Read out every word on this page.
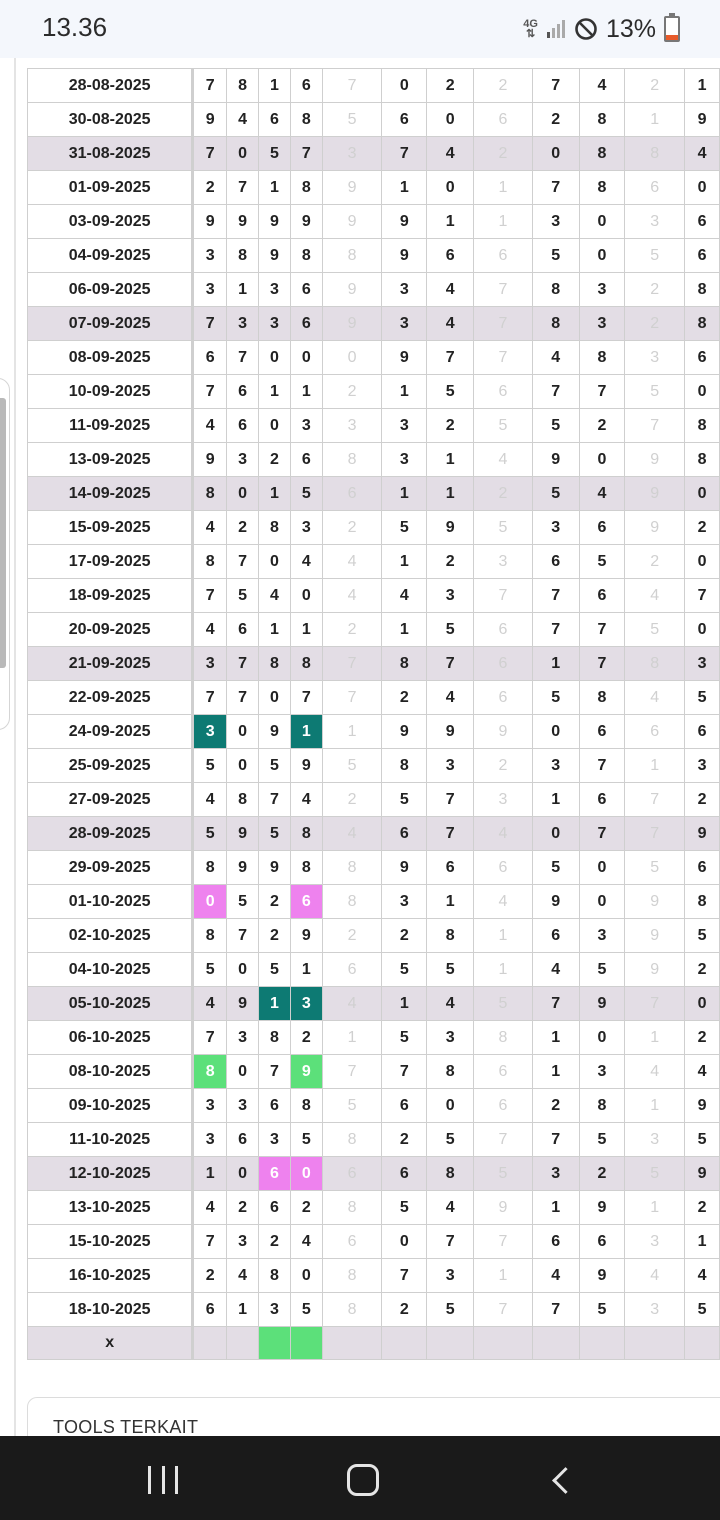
13.36	4G
⇅	13%
28-08-2025	7	8	1	6	7	0	2	2	7	4	2	1
30-08-2025	9	4	6	8	5	6	0	6	2	8	1	9
31-08-2025	7	0	5	7	3	7	4	2	0	8	8	4
01-09-2025	2	7	1	8	9	1	0	1	7	8	6	0
03-09-2025	9	9	9	9	9	9	1	1	3	0	3	6
04-09-2025	3	8	9	8	8	9	6	6	5	0	5	6
06-09-2025	3	1	3	6	9	3	4	7	8	3	2	8
07-09-2025	7	3	3	6	9	3	4	7	8	3	2	8
08-09-2025	6	7	0	0	0	9	7	7	4	8	3	6
10-09-2025	7	6	1	1	2	1	5	6	7	7	5	0
11-09-2025	4	6	0	3	3	3	2	5	5	2	7	8
13-09-2025	9	3	2	6	8	3	1	4	9	0	9	8
14-09-2025	8	0	1	5	6	1	1	2	5	4	9	0
15-09-2025	4	2	8	3	2	5	9	5	3	6	9	2
17-09-2025	8	7	0	4	4	1	2	3	6	5	2	0
18-09-2025	7	5	4	0	4	4	3	7	7	6	4	7
20-09-2025	4	6	1	1	2	1	5	6	7	7	5	0
21-09-2025	3	7	8	8	7	8	7	6	1	7	8	3
22-09-2025	7	7	0	7	7	2	4	6	5	8	4	5
24-09-2025	3	0	9	1	1	9	9	9	0	6	6	6
25-09-2025	5	0	5	9	5	8	3	2	3	7	1	3
27-09-2025	4	8	7	4	2	5	7	3	1	6	7	2
28-09-2025	5	9	5	8	4	6	7	4	0	7	7	9
29-09-2025	8	9	9	8	8	9	6	6	5	0	5	6
01-10-2025	0	5	2	6	8	3	1	4	9	0	9	8
02-10-2025	8	7	2	9	2	2	8	1	6	3	9	5
04-10-2025	5	0	5	1	6	5	5	1	4	5	9	2
05-10-2025	4	9	1	3	4	1	4	5	7	9	7	0
06-10-2025	7	3	8	2	1	5	3	8	1	0	1	2
08-10-2025	8	0	7	9	7	7	8	6	1	3	4	4
09-10-2025	3	3	6	8	5	6	0	6	2	8	1	9
11-10-2025	3	6	3	5	8	2	5	7	7	5	3	5
12-10-2025	1	0	6	0	6	6	8	5	3	2	5	9
13-10-2025	4	2	6	2	8	5	4	9	1	9	1	2
15-10-2025	7	3	2	4	6	0	7	7	6	6	3	1
16-10-2025	2	4	8	0	8	7	3	1	4	9	4	4
18-10-2025	6	1	3	5	8	2	5	7	7	5	3	5
x												
TOOLS TERKAIT
